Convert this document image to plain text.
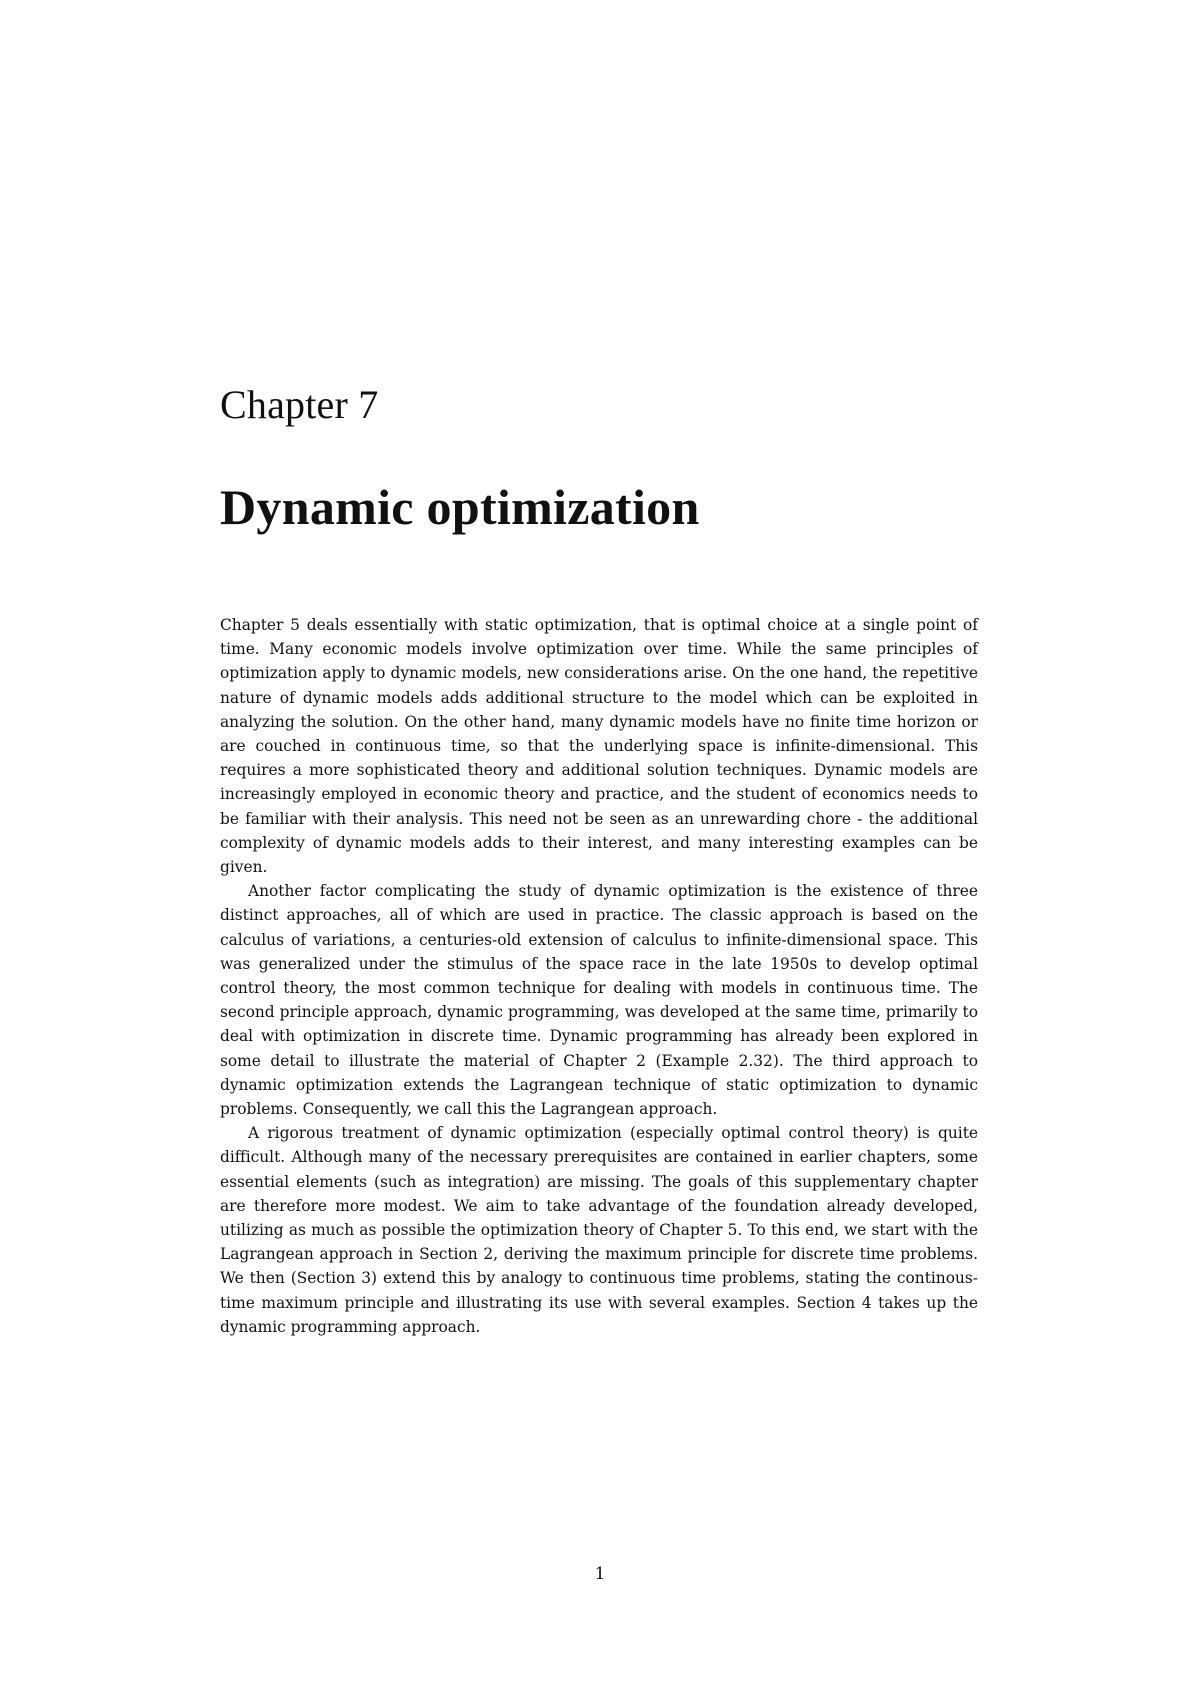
Chapter 7
Dynamic optimization

Chapter 5 deals essentially with static optimization, that is optimal choice at a single point of time. Many economic models involve optimization over time. While the same principles of optimization apply to dynamic models, new considerations arise. On the one hand, the repetitive nature of dynamic models adds additional structure to the model which can be exploited in analyzing the solution. On the other hand, many dynamic models have no finite time horizon or are couched in continuous time, so that the underlying space is infinite-dimensional. This requires a more sophisticated theory and additional solution techniques. Dynamic models are increasingly employed in economic theory and practice, and the student of economics needs to be familiar with their analysis. This need not be seen as an unrewarding chore - the additional complexity of dynamic models adds to their interest, and many interesting examples can be given.

Another factor complicating the study of dynamic optimization is the existence of three distinct approaches, all of which are used in practice. The classic approach is based on the calculus of variations, a centuries-old extension of calculus to infinite-dimensional space. This was generalized under the stimulus of the space race in the late 1950s to develop optimal control theory, the most common technique for dealing with models in continuous time. The second principle approach, dynamic programming, was developed at the same time, primarily to deal with optimization in discrete time. Dynamic programming has already been explored in some detail to illustrate the material of Chapter 2 (Example 2.32). The third approach to dynamic optimization extends the Lagrangean technique of static optimization to dynamic problems. Consequently, we call this the Lagrangean approach.

A rigorous treatment of dynamic optimization (especially optimal control theory) is quite difficult. Although many of the necessary prerequisites are contained in earlier chapters, some essential elements (such as integration) are missing. The goals of this supplementary chapter are therefore more modest. We aim to take advantage of the foundation already developed, utilizing as much as possible the optimization theory of Chapter 5. To this end, we start with the Lagrangean approach in Section 2, deriving the maximum principle for discrete time problems. We then (Section 3) extend this by analogy to continuous time problems, stating the continous-time maximum principle and illustrating its use with several examples. Section 4 takes up the dynamic programming approach.

1
